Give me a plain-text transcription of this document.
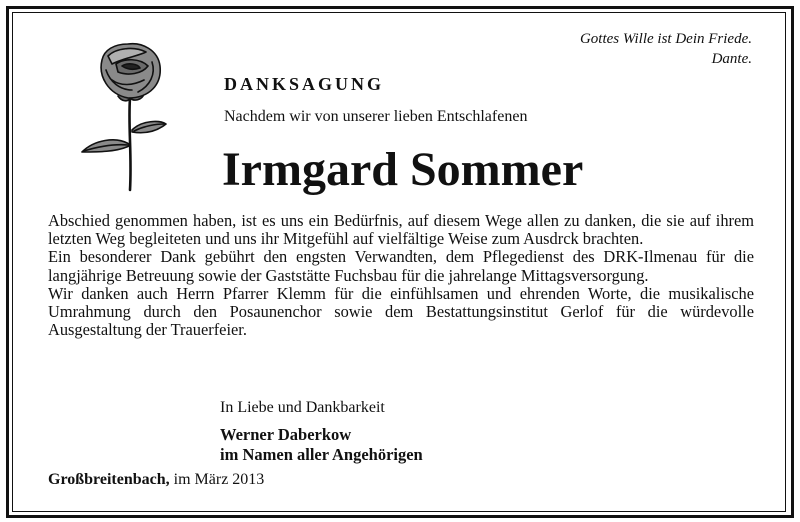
Gottes Wille ist Dein Friede.
Dante.
DANKSAGUNG
Nachdem wir von unserer lieben Entschlafenen
Irmgard Sommer

Abschied genommen haben, ist es uns ein Bedürfnis, auf diesem Wege allen zu danken, die sie auf ihrem letzten Weg begleiteten und uns ihr Mitgefühl auf vielfältige Weise zum Ausdrck brachten.

Ein besonderer Dank gebührt den engsten Verwandten, dem Pflegedienst des DRK-Ilmenau für die langjährige Betreuung sowie der Gaststätte Fuchsbau für die jahrelange Mittagsversorgung.

Wir danken auch Herrn Pfarrer Klemm für die einfühlsamen und ehrenden Worte, die musikalische Umrahmung durch den Posaunenchor sowie dem Bestattungsinstitut Gerlof für die würdevolle Ausgestaltung der Trauerfeier.

In Liebe und Dankbarkeit
Werner Daberkow
im Namen aller Angehörigen
Großbreitenbach, im März 2013
